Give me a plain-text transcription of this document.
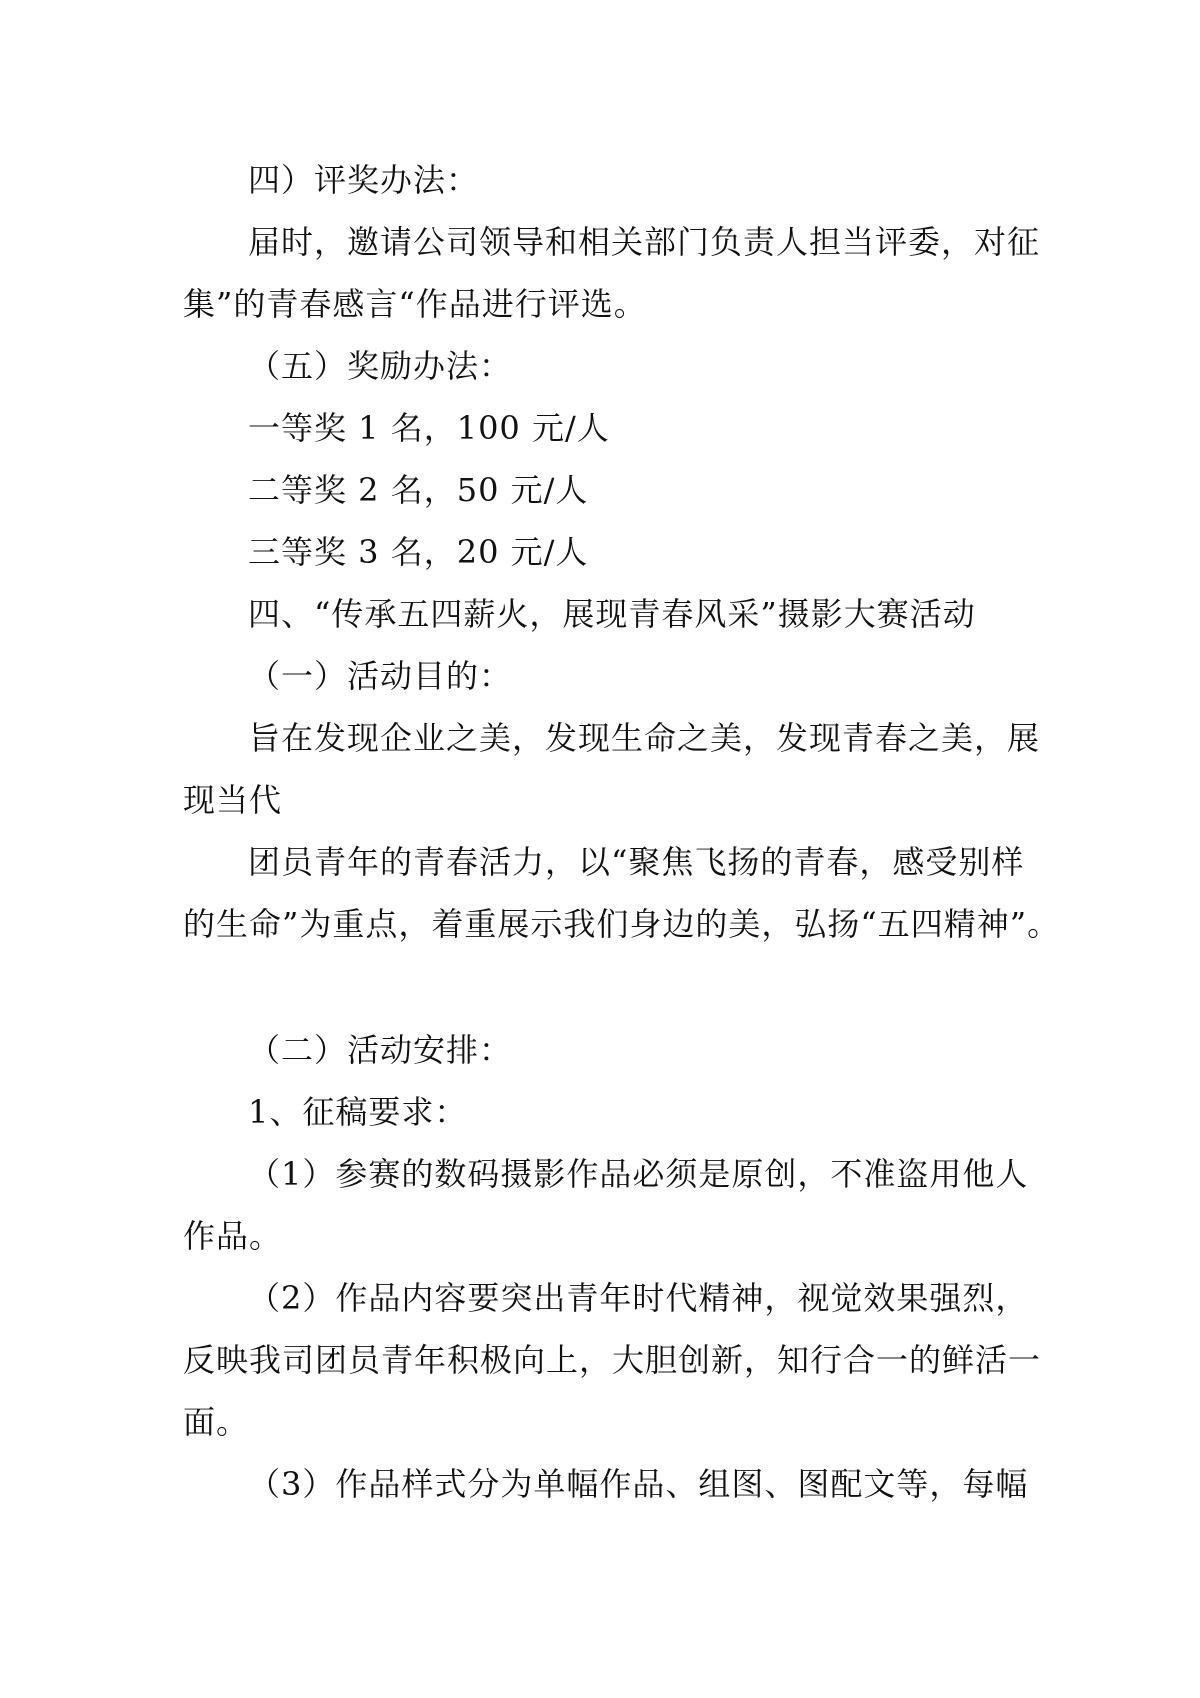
四）评奖办法：
届时，邀请公司领导和相关部门负责人担当评委，对征
集”的青春感言“作品进行评选。
（五）奖励办法：
一等奖 1 名，100 元/人
二等奖 2 名，50 元/人
三等奖 3 名，20 元/人
四、“传承五四薪火，展现青春风采”摄影大赛活动
（一）活动目的：
旨在发现企业之美，发现生命之美，发现青春之美，展
现当代
团员青年的青春活力，以“聚焦飞扬的青春，感受别样
的生命”为重点，着重展示我们身边的美，弘扬“五四精神”。
（二）活动安排：
1、征稿要求：
（1）参赛的数码摄影作品必须是原创，不准盗用他人
作品。
（2）作品内容要突出青年时代精神，视觉效果强烈，
反映我司团员青年积极向上，大胆创新，知行合一的鲜活一
面。
（3）作品样式分为单幅作品、组图、图配文等，每幅
